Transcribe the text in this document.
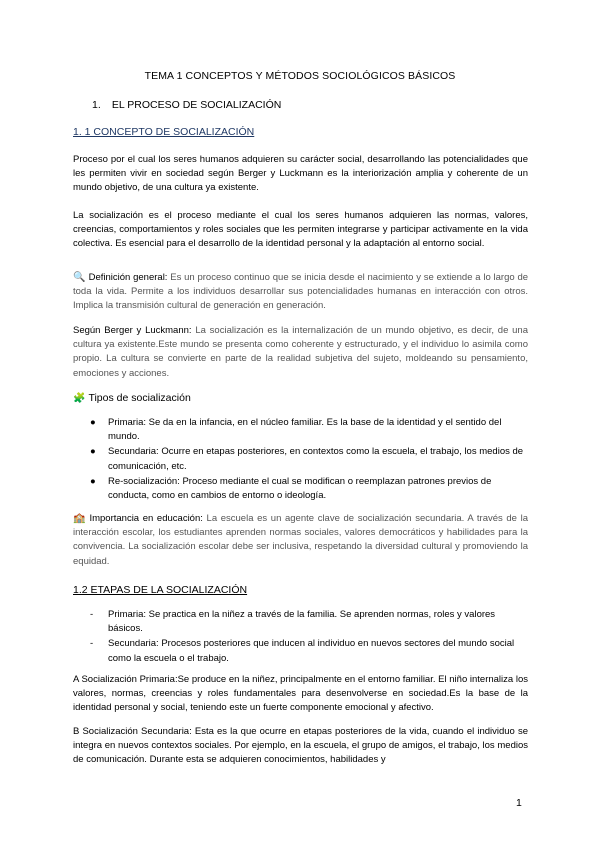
TEMA 1 CONCEPTOS Y MÉTODOS SOCIOLÓGICOS BÁSICOS
1. EL PROCESO DE SOCIALIZACIÓN
1. 1 CONCEPTO DE SOCIALIZACIÓN
Proceso por el cual los seres humanos adquieren su carácter social, desarrollando las potencialidades que les permiten vivir en sociedad según Berger y Luckmann es la interiorización amplia y coherente de un mundo objetivo, de una cultura ya existente.
La socialización es el proceso mediante el cual los seres humanos adquieren las normas, valores, creencias, comportamientos y roles sociales que les permiten integrarse y participar activamente en la vida colectiva. Es esencial para el desarrollo de la identidad personal y la adaptación al entorno social.
🔍 Definición general: Es un proceso continuo que se inicia desde el nacimiento y se extiende a lo largo de toda la vida. Permite a los individuos desarrollar sus potencialidades humanas en interacción con otros. Implica la transmisión cultural de generación en generación.
Según Berger y Luckmann: La socialización es la internalización de un mundo objetivo, es decir, de una cultura ya existente.Este mundo se presenta como coherente y estructurado, y el individuo lo asimila como propio. La cultura se convierte en parte de la realidad subjetiva del sujeto, moldeando su pensamiento, emociones y acciones.
🧩 Tipos de socialización
● Primaria: Se da en la infancia, en el núcleo familiar. Es la base de la identidad y el sentido del mundo.
● Secundaria: Ocurre en etapas posteriores, en contextos como la escuela, el trabajo, los medios de comunicación, etc.
● Re-socialización: Proceso mediante el cual se modifican o reemplazan patrones previos de conducta, como en cambios de entorno o ideología.
🏫 Importancia en educación: La escuela es un agente clave de socialización secundaria. A través de la interacción escolar, los estudiantes aprenden normas sociales, valores democráticos y habilidades para la convivencia. La socialización escolar debe ser inclusiva, respetando la diversidad cultural y promoviendo la equidad.
1.2 ETAPAS DE LA SOCIALIZACIÓN
- Primaria: Se practica en la niñez a través de la familia. Se aprenden normas, roles y valores básicos.
- Secundaria: Procesos posteriores que inducen al individuo en nuevos sectores del mundo social como la escuela o el trabajo.
A Socialización Primaria:Se produce en la niñez, principalmente en el entorno familiar. El niño internaliza los valores, normas, creencias y roles fundamentales para desenvolverse en sociedad.Es la base de la identidad personal y social, teniendo este un fuerte componente emocional y afectivo.
B Socialización Secundaria: Esta es la que ocurre en etapas posteriores de la vida, cuando el individuo se integra en nuevos contextos sociales. Por ejemplo, en la escuela, el grupo de amigos, el trabajo, los medios de comunicación. Durante esta se adquieren conocimientos, habilidades y
1
